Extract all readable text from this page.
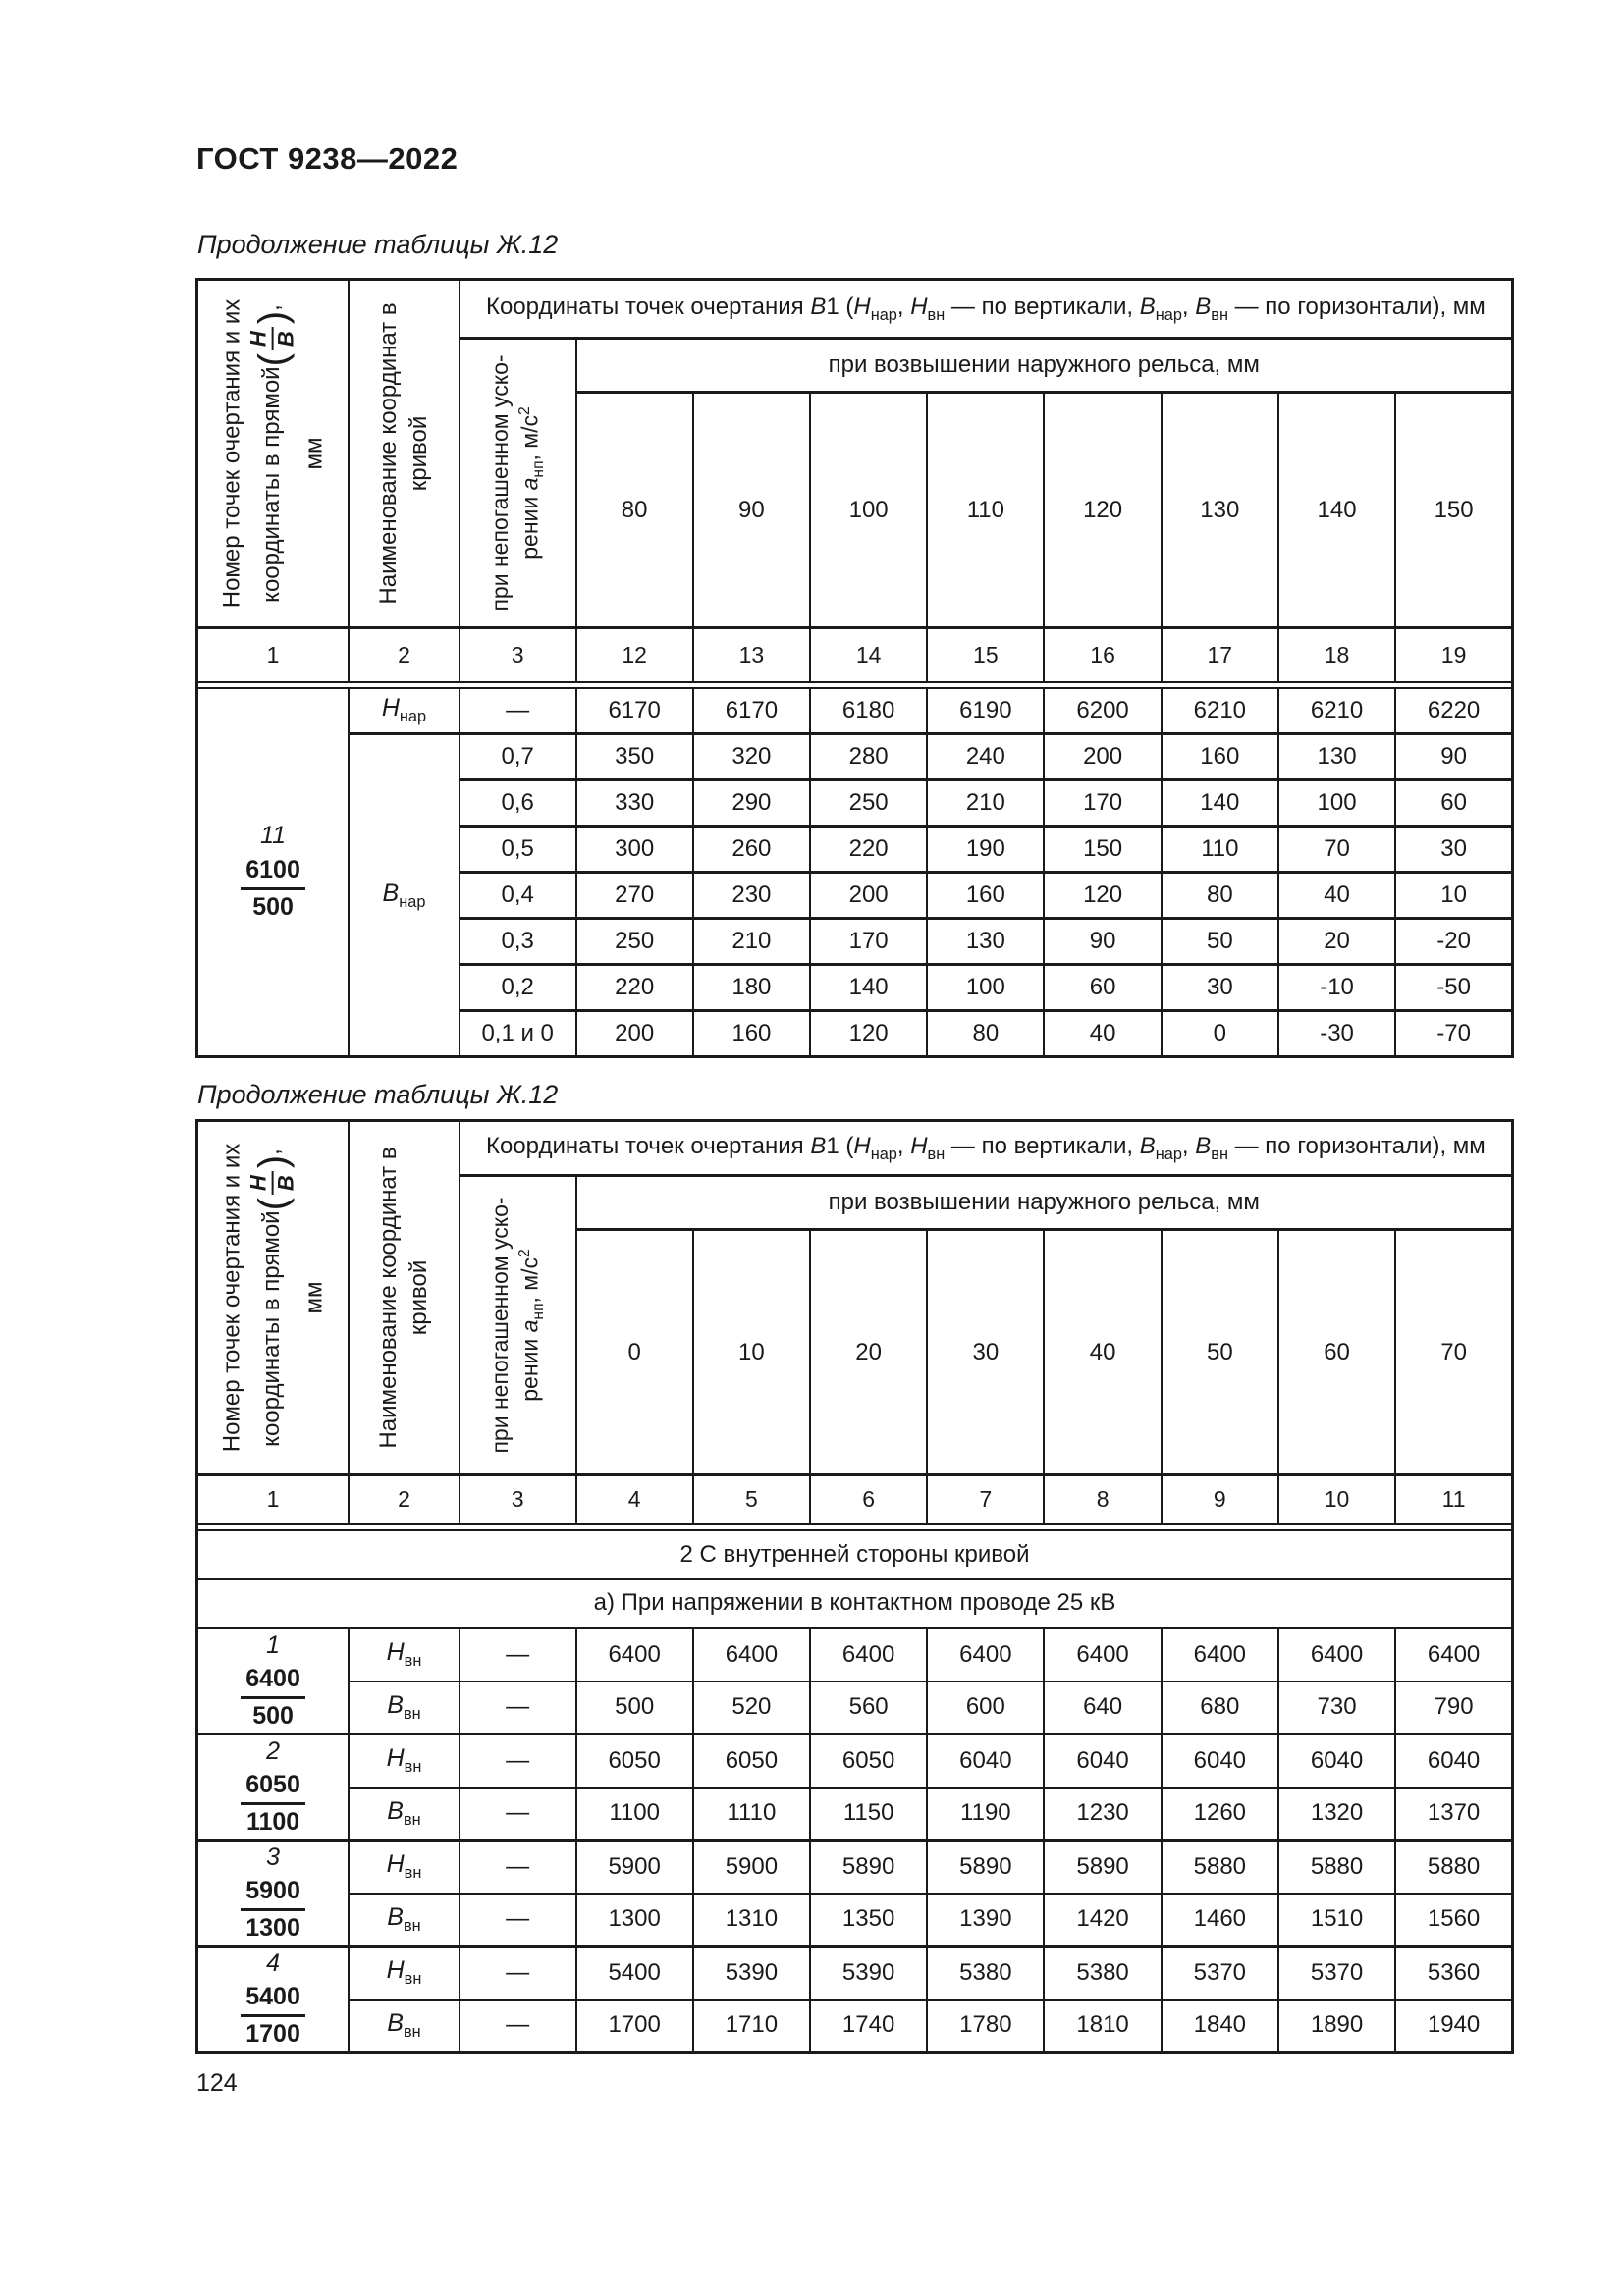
ГОСТ 9238—2022
Продолжение таблицы Ж.12
Номер точек очертания и их координаты в прямой(
Н В
), мм	Наименование координат в кривой	Координаты точек очертания В1 ($Н_{нар}$, $Н_{вн}$ — по вертикали, $В_{нар}$, $В_{вн}$ — по горизонтали), мм								

		при непогашенном уско- рении $а_{нп}$, $м/с^2$	при возвышении наружного рельса, мм							
			80	90	100	110	120	130	140	150
1	2	3	12	13	14	15	16	17	18	19

11
$\frac{6100}{500}$	$Н_{нар}$	—	6170	6170	6180	6190	6200	6210	6210	6220
	$В_{нар}$	0,7	350	320	280	240	200	160	130	90
		0,6	330	290	250	210	170	140	100	60
		0,5	300	260	220	190	150	110	70	30
		0,4	270	230	200	160	120	80	40	10
		0,3	250	210	170	130	90	50	20	-20
		0,2	220	180	140	100	60	30	-10	-50
		0,1 и 0	200	160	120	80	40	0	-30	-70
Продолжение таблицы Ж.12
Номер точек очертания и их координаты в прямой(
Н В
), мм	Наименование координат в кривой	Координаты точек очертания В1 ($Н_{нар}$, $Н_{вн}$ — по вертикали, $В_{нар}$, $В_{вн}$ — по горизонтали), мм								

		при непогашенном уско- рении $а_{нп}$, $м/с^2$	при возвышении наружного рельса, мм							
			0	10	20	30	40	50	60	70
1	2	3	4	5	6	7	8	9	10	11

2 С внутренней стороны кривой										
а) При напряжении в контактном проводе 25 кВ										

1
$\frac{6400}{500}$	$Н_{вн}$	—	6400	6400	6400	6400	6400	6400	6400	6400
	$В_{вн}$	—	500	520	560	600	640	680	730	790

2
$\frac{6050}{1100}$	$Н_{вн}$	—	6050	6050	6050	6040	6040	6040	6040	6040
	$В_{вн}$	—	1100	1110	1150	1190	1230	1260	1320	1370

3
$\frac{5900}{1300}$	$Н_{вн}$	—	5900	5900	5890	5890	5890	5880	5880	5880
	$В_{вн}$	—	1300	1310	1350	1390	1420	1460	1510	1560

4
$\frac{5400}{1700}$	$Н_{вн}$	—	5400	5390	5390	5380	5380	5370	5370	5360
	$В_{вн}$	—	1700	1710	1740	1780	1810	1840	1890	1940
124
